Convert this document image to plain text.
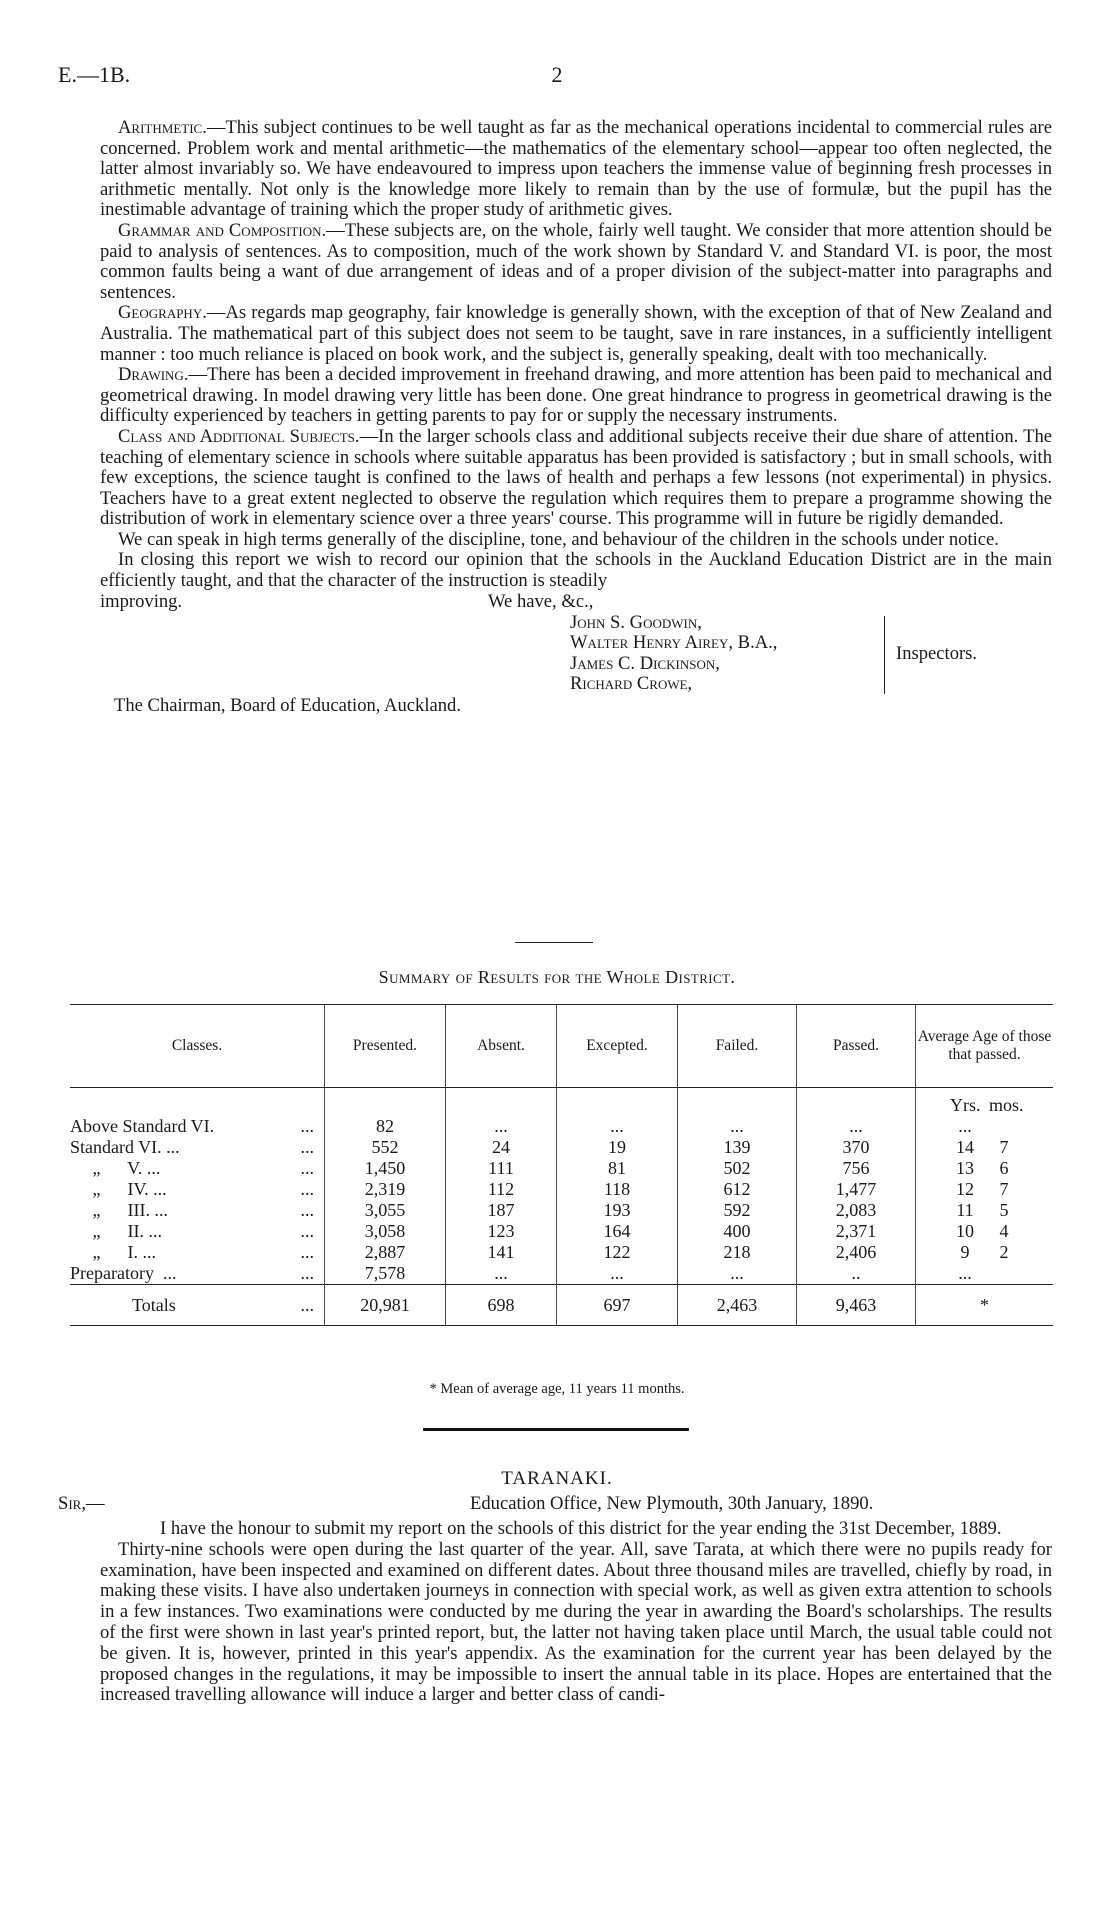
E.—1B.	2

Arithmetic.—This subject continues to be well taught as far as the mechanical operations incidental to commercial rules are concerned. Problem work and mental arithmetic—the mathematics of the elementary school—appear too often neglected, the latter almost invariably so. We have endeavoured to impress upon teachers the immense value of beginning fresh processes in arithmetic mentally. Not only is the knowledge more likely to remain than by the use of formulæ, but the pupil has the inestimable advantage of training which the proper study of arithmetic gives.

Grammar and Composition.—These subjects are, on the whole, fairly well taught. We consider that more attention should be paid to analysis of sentences. As to composition, much of the work shown by Standard V. and Standard VI. is poor, the most common faults being a want of due arrangement of ideas and of a proper division of the subject-matter into paragraphs and sentences.

Geography.—As regards map geography, fair knowledge is generally shown, with the exception of that of New Zealand and Australia. The mathematical part of this subject does not seem to be taught, save in rare instances, in a sufficiently intelligent manner : too much reliance is placed on book work, and the subject is, generally speaking, dealt with too mechanically.

Drawing.—There has been a decided improvement in freehand drawing, and more attention has been paid to mechanical and geometrical drawing. In model drawing very little has been done. One great hindrance to progress in geometrical drawing is the difficulty experienced by teachers in getting parents to pay for or supply the necessary instruments.

Class and Additional Subjects.—In the larger schools class and additional subjects receive their due share of attention. The teaching of elementary science in schools where suitable apparatus has been provided is satisfactory ; but in small schools, with few exceptions, the science taught is confined to the laws of health and perhaps a few lessons (not experimental) in physics. Teachers have to a great extent neglected to observe the regulation which requires them to prepare a programme showing the distribution of work in elementary science over a three years' course. This programme will in future be rigidly demanded.

We can speak in high terms generally of the discipline, tone, and behaviour of the children in the schools under notice.

In closing this report we wish to record our opinion that the schools in the Auckland Education District are in the main efficiently taught, and that the character of the instruction is steadily

improving.	We have, &c.,
John S. Goodwin,
Walter Henry Airey, B.A.,
James C. Dickinson,
Richard Crowe,
Inspectors.
The Chairman, Board of Education, Auckland.
Summary of Results for the Whole District.
Classes.	Presented.	Absent.	Excepted.	Failed.	Passed.	Average Age of those that passed.
						Yrs. mos.
Above Standard VI. ...	82	...	...	...	...	...
Standard VI. ... ...	552	24	19	139	370	14 7
„      V. ... ...	1,450	111	81	502	756	13 6
„      IV. ... ...	2,319	112	118	612	1,477	12 7
„      III. ... ...	3,055	187	193	592	2,083	11 5
„      II. ... ...	3,058	123	164	400	2,371	10 4
„      I. ... ...	2,887	141	122	218	2,406	9 2
Preparatory  ... ...	7,578	...	...	...	..	...
Totals ...	20,981	698	697	2,463	9,463	*
* Mean of average age, 11 years 11 months.
TARANAKI.
Sir,—	Education Office, New Plymouth, 30th January, 1890.

I have the honour to submit my report on the schools of this district for the year ending the 31st December, 1889.

Thirty-nine schools were open during the last quarter of the year. All, save Tarata, at which there were no pupils ready for examination, have been inspected and examined on different dates. About three thousand miles are travelled, chiefly by road, in making these visits. I have also undertaken journeys in connection with special work, as well as given extra attention to schools in a few instances. Two examinations were conducted by me during the year in awarding the Board's scholarships. The results of the first were shown in last year's printed report, but, the latter not having taken place until March, the usual table could not be given. It is, however, printed in this year's appendix. As the examination for the current year has been delayed by the proposed changes in the regulations, it may be impossible to insert the annual table in its place. Hopes are entertained that the increased travelling allowance will induce a larger and better class of candi-
